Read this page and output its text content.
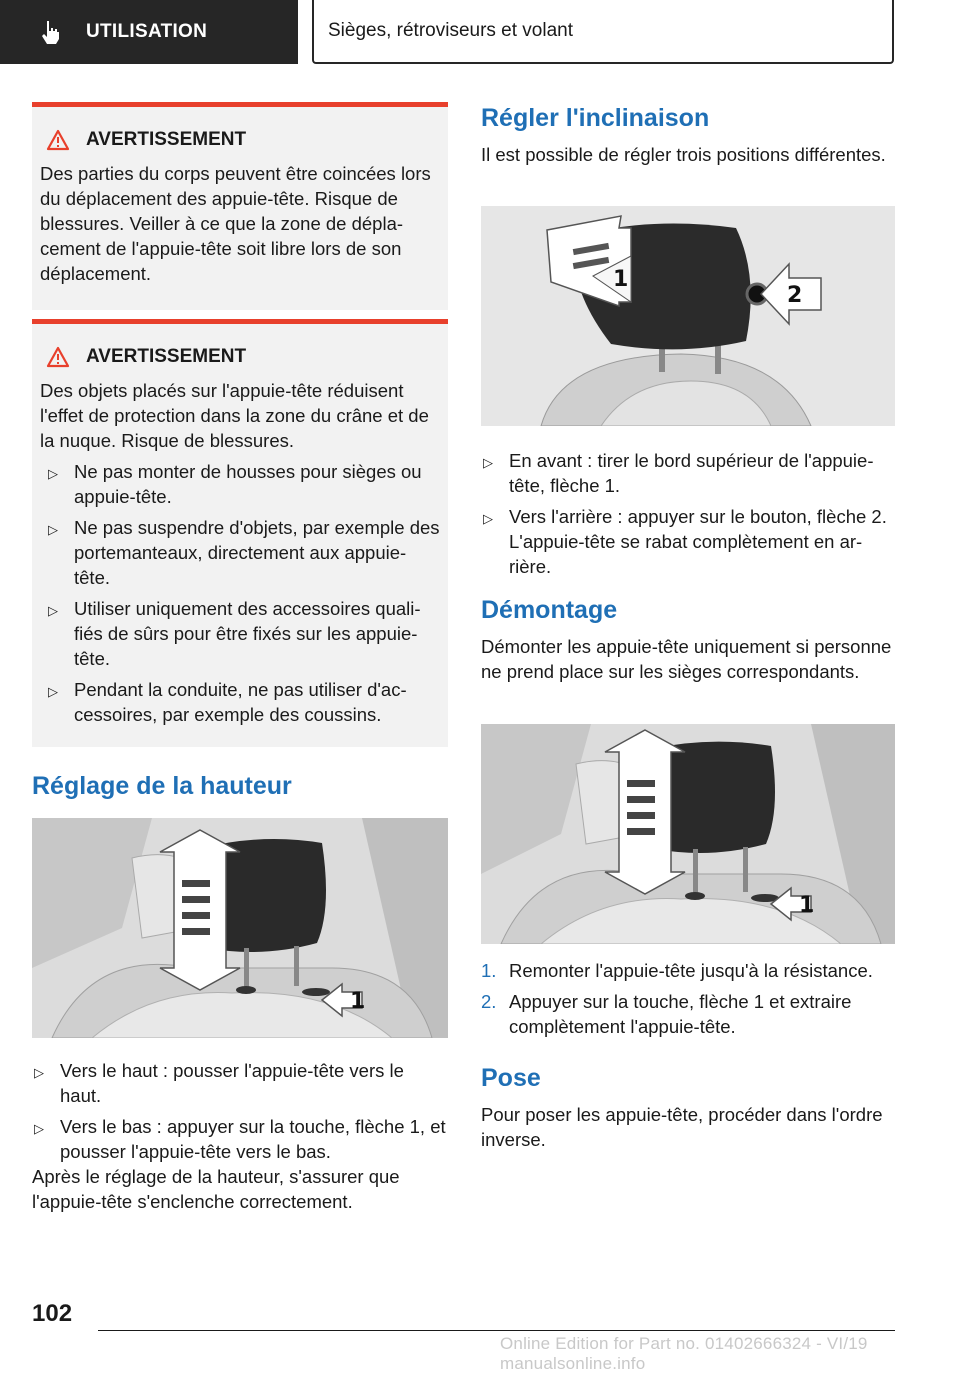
UTILISATION	Sièges, rétroviseurs et volant
AVERTISSEMENT

Des parties du corps peuvent être coincées lors du déplacement des appuie-tête. Risque de blessures. Veiller à ce que la zone de déplacement de l'appuie-tête soit libre lors de son déplacement.

AVERTISSEMENT

Des objets placés sur l'appuie-tête réduisent l'effet de protection dans la zone du crâne et de la nuque. Risque de blessures.

▷ Ne pas monter de housses pour sièges ou appuie-tête.
▷ Ne pas suspendre d'objets, par exemple des portemanteaux, directement aux appuie-tête.
▷ Utiliser uniquement des accessoires qualifiés de sûrs pour être fixés sur les appuie-tête.
▷ Pendant la conduite, ne pas utiliser d'accessoires, par exemple des coussins.
Réglage de la hauteur
1
▷ Vers le haut : pousser l'appuie-tête vers le haut.
▷ Vers le bas : appuyer sur la touche, flèche 1, et pousser l'appuie-tête vers le bas.

Après le réglage de la hauteur, s'assurer que l'appuie-tête s'enclenche correctement.

Régler l'inclinaison

Il est possible de régler trois positions différentes.

1
2
▷ En avant : tirer le bord supérieur de l'appuie-tête, flèche 1.
▷ Vers l'arrière : appuyer sur le bouton, flèche 2. L'appuie-tête se rabat complètement en arrière.
Démontage

Démonter les appuie-tête uniquement si personne ne prend place sur les sièges correspondants.

1
1. Remonter l'appuie-tête jusqu'à la résistance.
2. Appuyer sur la touche, flèche 1 et extraire complètement l'appuie-tête.
Pose

Pour poser les appuie-tête, procéder dans l'ordre inverse.

102
Online Edition for Part no. 01402666324 - VI/19 manualsonline.info
